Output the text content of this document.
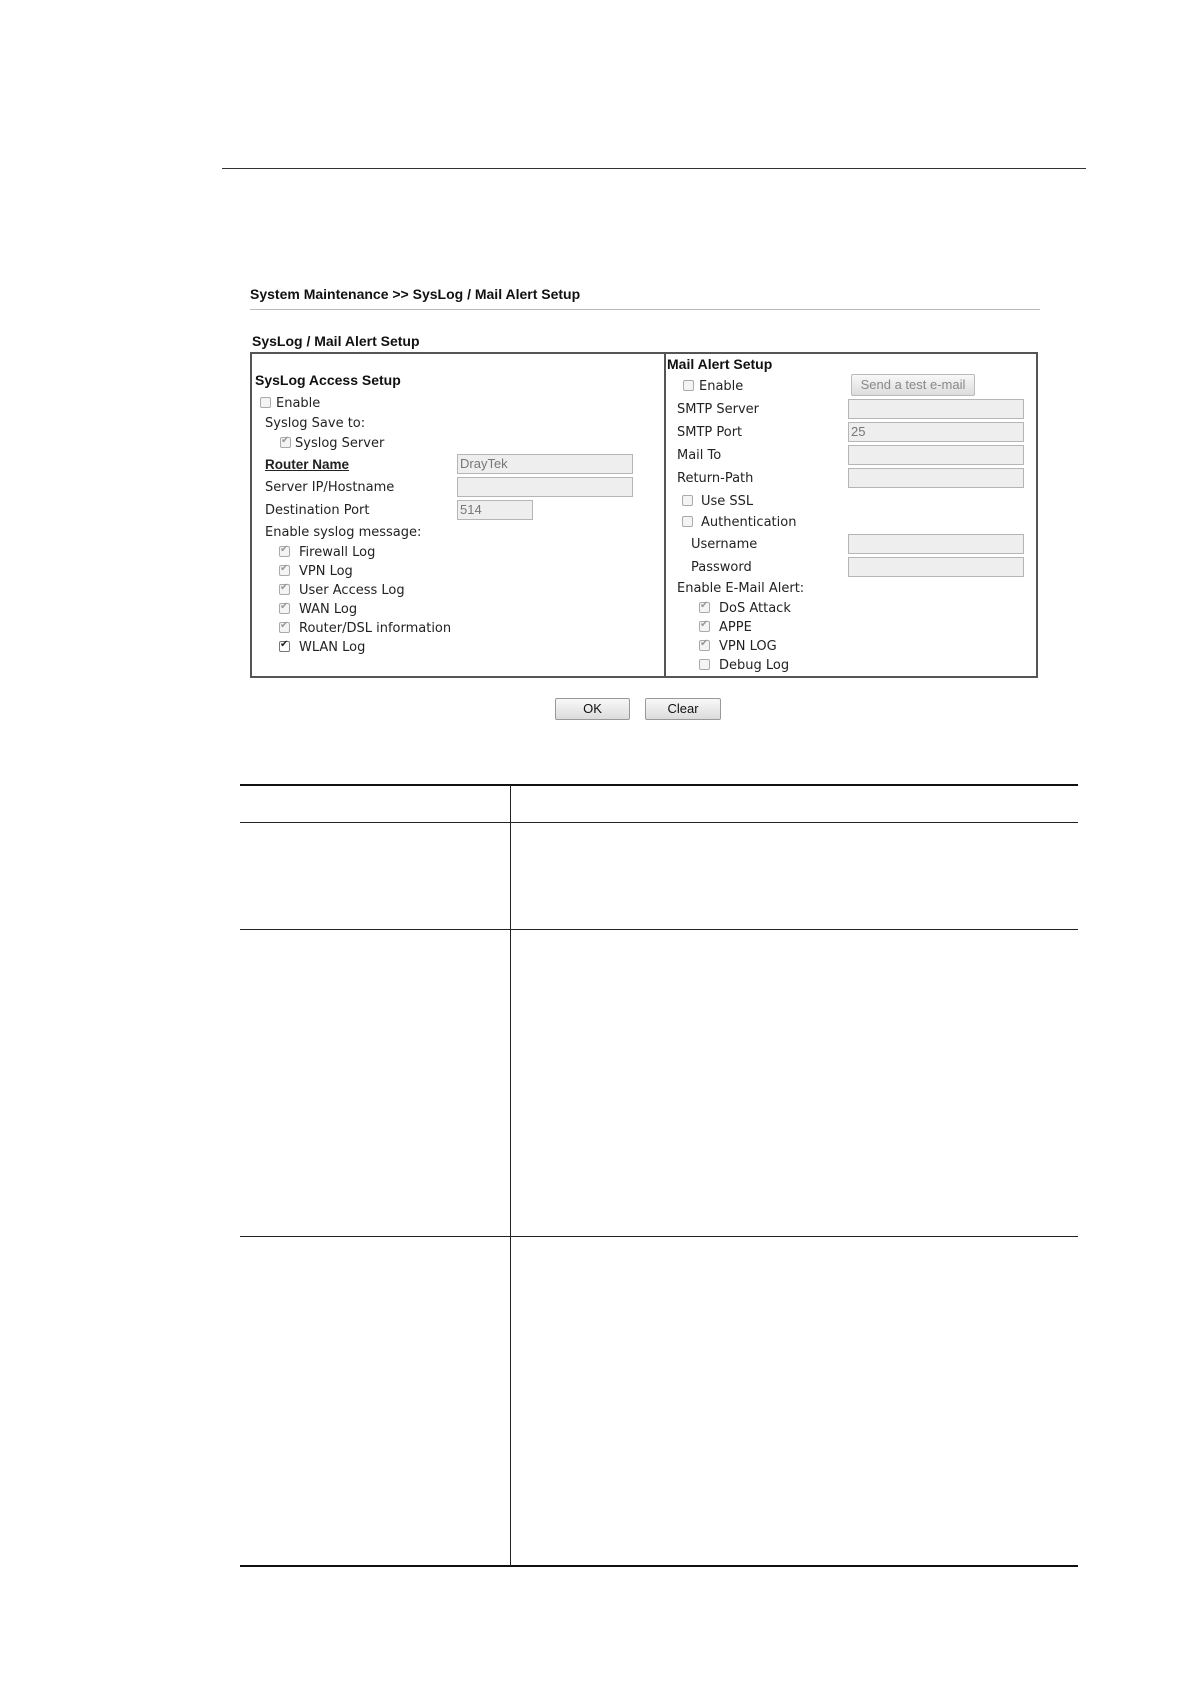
System Maintenance >> SysLog / Mail Alert Setup
SysLog / Mail Alert Setup
SysLog Access Setup
Enable
Syslog Save to:
✔
Syslog Server
Router Name	DrayTek
Server IP/Hostname
Destination Port	514
Enable syslog message:
✔
Firewall Log
✔
VPN Log
✔
User Access Log
✔
WAN Log
✔
Router/DSL information
✔
WLAN Log
Mail Alert Setup
Enable	Send a test e-mail
SMTP Server
SMTP Port	25
Mail To
Return-Path
Use SSL
Authentication
Username
Password
Enable E-Mail Alert:
✔
DoS Attack
✔
APPE
✔
VPN LOG
Debug Log
OK	Clear
